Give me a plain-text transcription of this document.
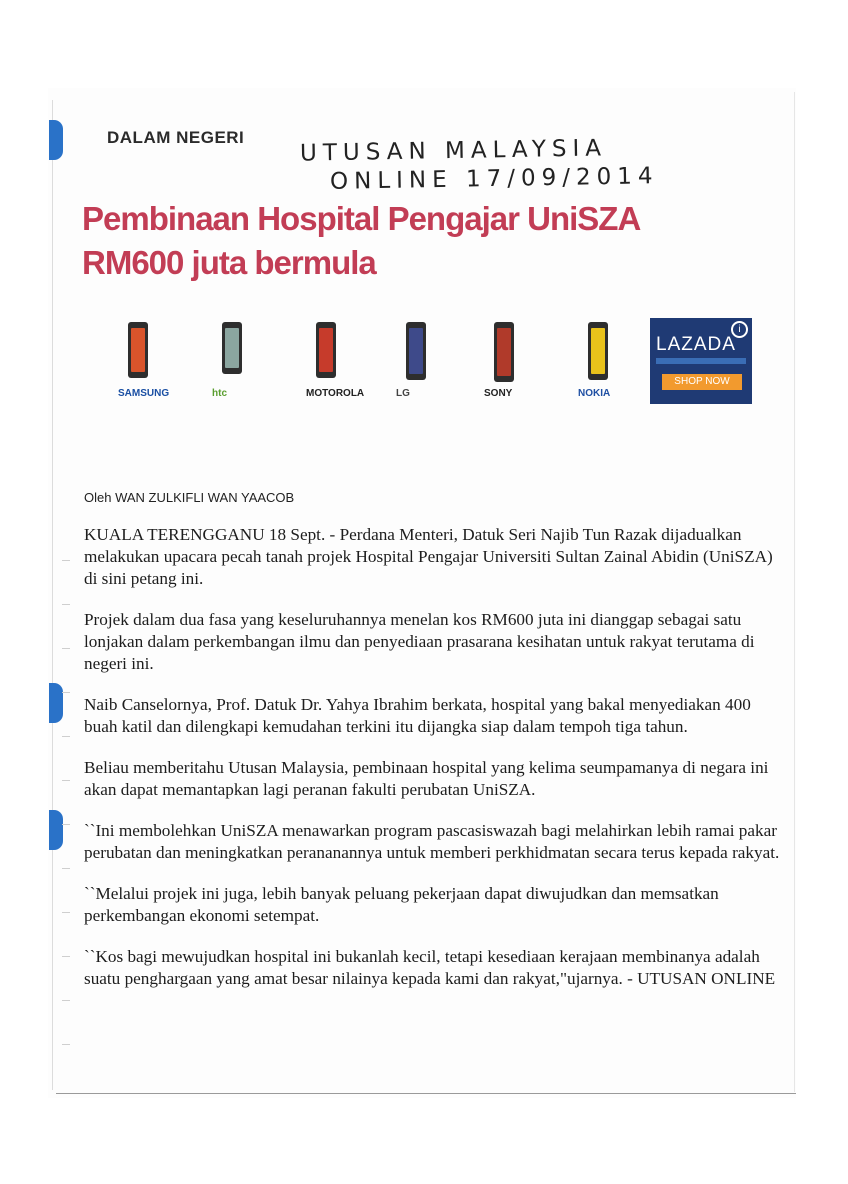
DALAM NEGERI UTUSAN MALAYSIA
ONLINE 17/09/2014
Pembinaan Hospital Pengajar UniSZA
RM600 juta bermula
SAMSUNG	htc	MOTOROLA	LG	SONY	NOKIA
i
LAZADA
SHOP NOW
Oleh WAN ZULKIFLI WAN YAACOB

KUALA TERENGGANU 18 Sept. - Perdana Menteri, Datuk Seri Najib Tun Razak dijadualkan melakukan upacara pecah tanah projek Hospital Pengajar Universiti Sultan Zainal Abidin (UniSZA) di sini petang ini.

Projek dalam dua fasa yang keseluruhannya menelan kos RM600 juta ini dianggap sebagai satu lonjakan dalam perkembangan ilmu dan penyediaan prasarana kesihatan untuk rakyat terutama di negeri ini.

Naib Canselornya, Prof. Datuk Dr. Yahya Ibrahim berkata, hospital yang bakal menyediakan 400 buah katil dan dilengkapi kemudahan terkini itu dijangka siap dalam tempoh tiga tahun.

Beliau memberitahu Utusan Malaysia, pembinaan hospital yang kelima seumpamanya di negara ini akan dapat memantapkan lagi peranan fakulti perubatan UniSZA.

``Ini membolehkan UniSZA menawarkan program pascasiswazah bagi melahirkan lebih ramai pakar perubatan dan meningkatkan perananannya untuk memberi perkhidmatan secara terus kepada rakyat.

``Melalui projek ini juga, lebih banyak peluang pekerjaan dapat diwujudkan dan memsatkan perkembangan ekonomi setempat.

``Kos bagi mewujudkan hospital ini bukanlah kecil, tetapi kesediaan kerajaan membinanya adalah suatu penghargaan yang amat besar nilainya kepada kami dan rakyat,"ujarnya. - UTUSAN ONLINE
